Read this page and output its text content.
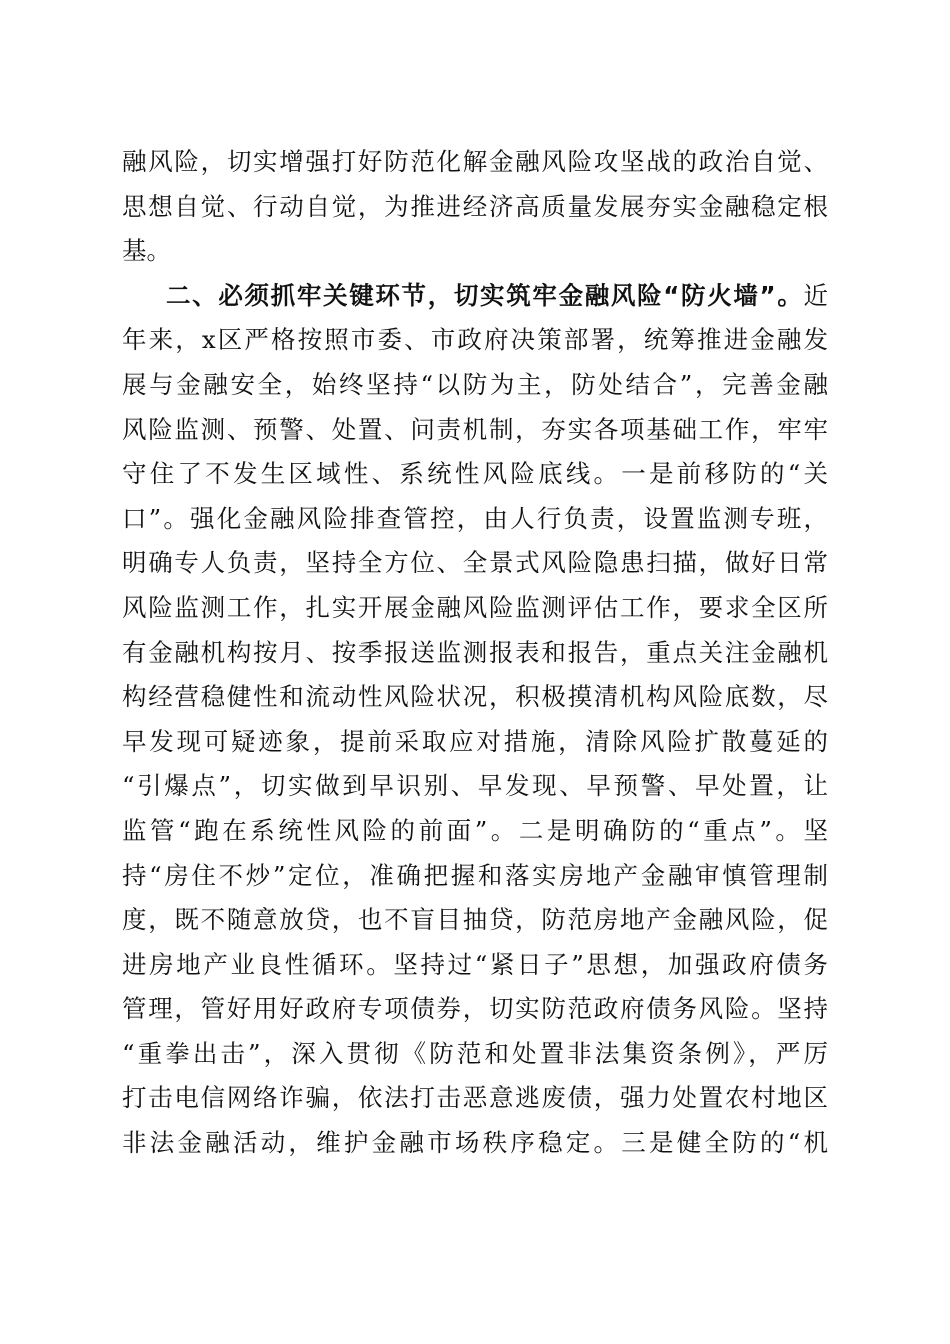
融风险，切实增强打好防范化解金融风险攻坚战的政治自觉、
思想自觉、行动自觉，为推进经济高质量发展夯实金融稳定根
基。
二、必须抓牢关键环节，切实筑牢金融风险“防火墙”。近
年来，x区严格按照市委、市政府决策部署，统筹推进金融发
展与金融安全，始终坚持“以防为主，防处结合”，完善金融
风险监测、预警、处置、问责机制，夯实各项基础工作，牢牢
守住了不发生区域性、系统性风险底线。一是前移防的“关
口”。强化金融风险排查管控，由人行负责，设置监测专班，
明确专人负责，坚持全方位、全景式风险隐患扫描，做好日常
风险监测工作，扎实开展金融风险监测评估工作，要求全区所
有金融机构按月、按季报送监测报表和报告，重点关注金融机
构经营稳健性和流动性风险状况，积极摸清机构风险底数，尽
早发现可疑迹象，提前采取应对措施，清除风险扩散蔓延的
“引爆点”，切实做到早识别、早发现、早预警、早处置，让
监管“跑在系统性风险的前面”。二是明确防的“重点”。坚
持“房住不炒”定位，准确把握和落实房地产金融审慎管理制
度，既不随意放贷，也不盲目抽贷，防范房地产金融风险，促
进房地产业良性循环。坚持过“紧日子”思想，加强政府债务
管理，管好用好政府专项债券，切实防范政府债务风险。坚持
“重拳出击”，深入贯彻《防范和处置非法集资条例》，严厉
打击电信网络诈骗，依法打击恶意逃废债，强力处置农村地区
非法金融活动，维护金融市场秩序稳定。三是健全防的“机
